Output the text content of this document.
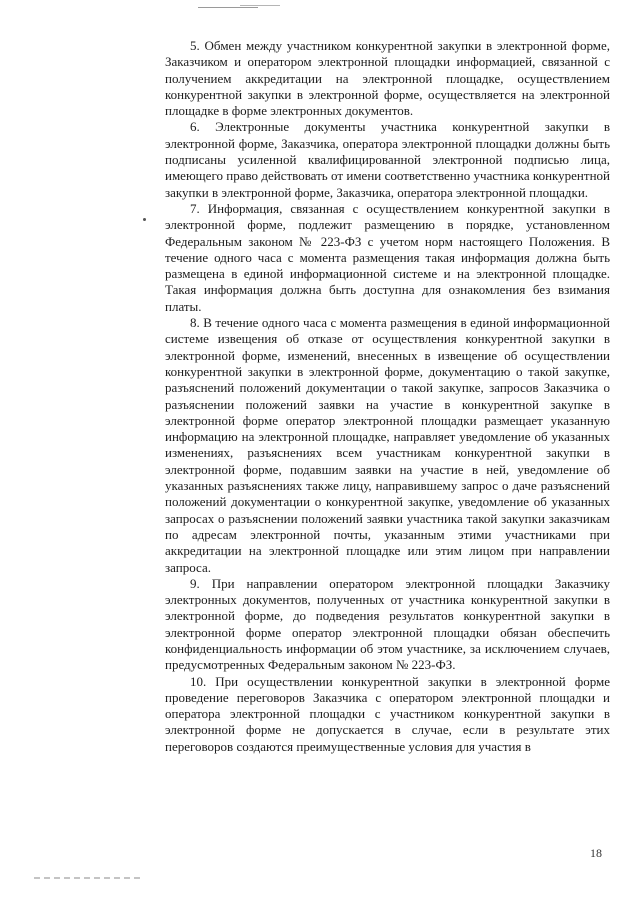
5. Обмен между участником конкурентной закупки в электронной форме, Заказчиком и оператором электронной площадки информацией, связанной с получением аккредитации на электронной площадке, осуществлением конкурентной закупки в электронной форме, осуществляется на электронной площадке в форме электронных документов.

6. Электронные документы участника конкурентной закупки в электронной форме, Заказчика, оператора электронной площадки должны быть подписаны усиленной квалифицированной электронной подписью лица, имеющего право действовать от имени соответственно участника конкурентной закупки в электронной форме, Заказчика, оператора электронной площадки.

7. Информация, связанная с осуществлением конкурентной закупки в электронной форме, подлежит размещению в порядке, установленном Федеральным законом № 223-ФЗ с учетом норм настоящего Положения. В течение одного часа с момента размещения такая информация должна быть размещена в единой информационной системе и на электронной площадке. Такая информация должна быть доступна для ознакомления без взимания платы.

8. В течение одного часа с момента размещения в единой информационной системе извещения об отказе от осуществления конкурентной закупки в электронной форме, изменений, внесенных в извещение об осуществлении конкурентной закупки в электронной форме, документацию о такой закупке, разъяснений положений документации о такой закупке, запросов Заказчика о разъяснении положений заявки на участие в конкурентной закупке в электронной форме оператор электронной площадки размещает указанную информацию на электронной площадке, направляет уведомление об указанных изменениях, разъяснениях всем участникам конкурентной закупки в электронной форме, подавшим заявки на участие в ней, уведомление об указанных разъяснениях также лицу, направившему запрос о даче разъяснений положений документации о конкурентной закупке, уведомление об указанных запросах о разъяснении положений заявки участника такой закупки заказчикам по адресам электронной почты, указанным этими участниками при аккредитации на электронной площадке или этим лицом при направлении запроса.

9. При направлении оператором электронной площадки Заказчику электронных документов, полученных от участника конкурентной закупки в электронной форме, до подведения результатов конкурентной закупки в электронной форме оператор электронной площадки обязан обеспечить конфиденциальность информации об этом участнике, за исключением случаев, предусмотренных Федеральным законом № 223-ФЗ.

10. При осуществлении конкурентной закупки в электронной форме проведение переговоров Заказчика с оператором электронной площадки и оператора электронной площадки с участником конкурентной закупки в электронной форме не допускается в случае, если в результате этих переговоров создаются преимущественные условия для участия в

18
